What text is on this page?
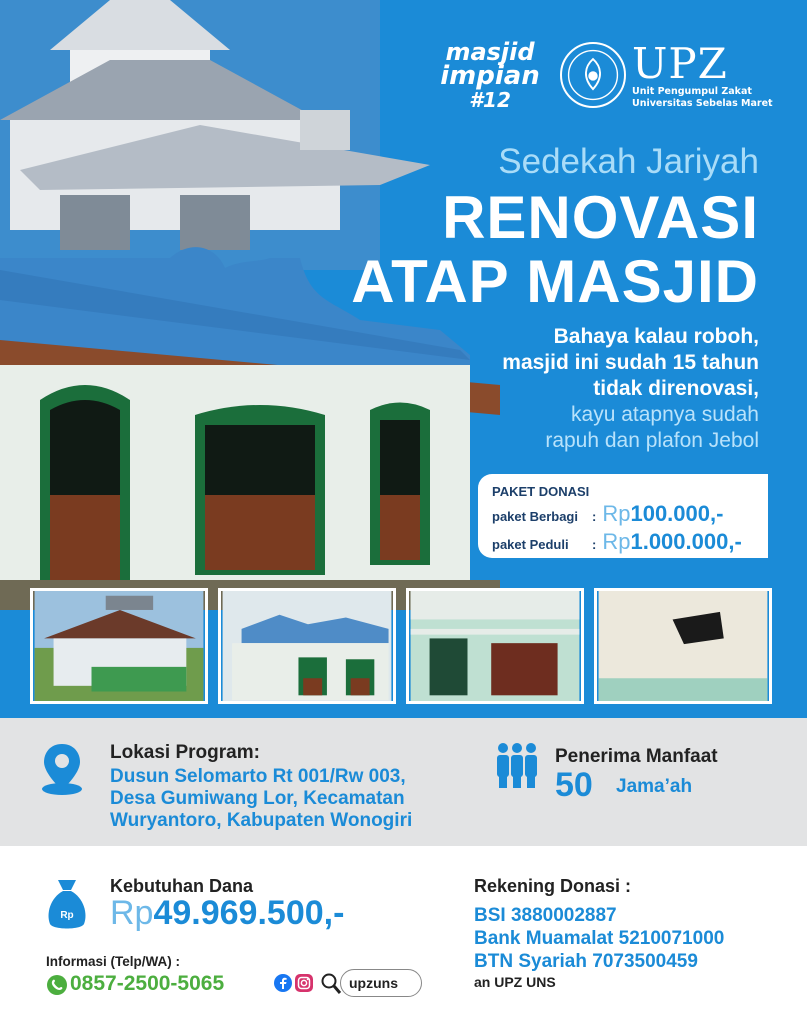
masjid
impian
#12
UPZ
Unit Pengumpul Zakat
Universitas Sebelas Maret
Sedekah Jariyah
RENOVASI
ATAP MASJID
Bahaya kalau roboh,
masjid ini sudah 15 tahun
tidak direnovasi,
kayu atapnya sudah
rapuh dan plafon Jebol
PAKET DONASI
paket Berbagi	: Rp100.000,-
paket Peduli	: Rp1.000.000,-
Lokasi Program:
Dusun Selomarto Rt 001/Rw 003,
Desa Gumiwang Lor, Kecamatan
Wuryantoro, Kabupaten Wonogiri
Penerima Manfaat
50 Jama’ah
Rp
Kebutuhan Dana
Rp49.969.500,-
Informasi (Telp/WA) :
0857-2500-5065	upzuns
Rekening Donasi :
BSI 3880002887
Bank Muamalat 5210071000
BTN Syariah 7073500459
an UPZ UNS
